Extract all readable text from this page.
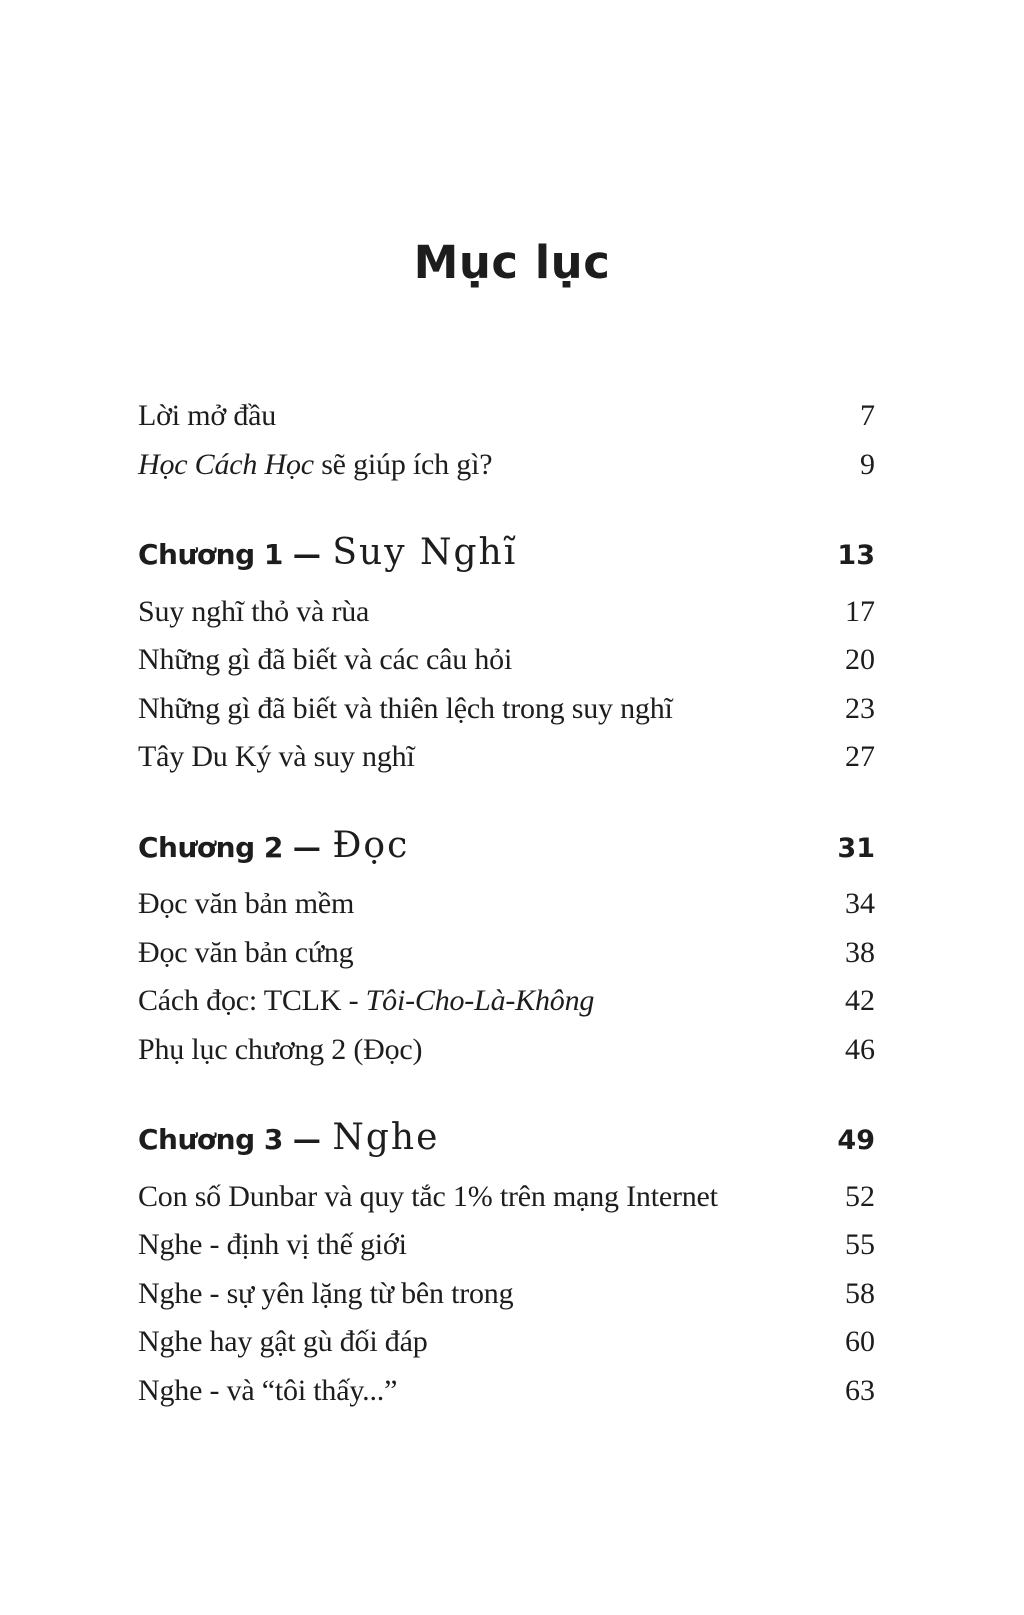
Mục lục
Lời mở đầu	7
Học Cách Học sẽ giúp ích gì?	9
Chương 1 — Suy Nghĩ	13
Suy nghĩ thỏ và rùa	17
Những gì đã biết và các câu hỏi	20
Những gì đã biết và thiên lệch trong suy nghĩ	23
Tây Du Ký và suy nghĩ	27
Chương 2 — Đọc	31
Đọc văn bản mềm	34
Đọc văn bản cứng	38
Cách đọc: TCLK - Tôi-Cho-Là-Không	42
Phụ lục chương 2 (Đọc)	46
Chương 3 — Nghe	49
Con số Dunbar và quy tắc 1% trên mạng Internet	52
Nghe - định vị thế giới	55
Nghe - sự yên lặng từ bên trong	58
Nghe hay gật gù đối đáp	60
Nghe - và “tôi thấy...”	63
